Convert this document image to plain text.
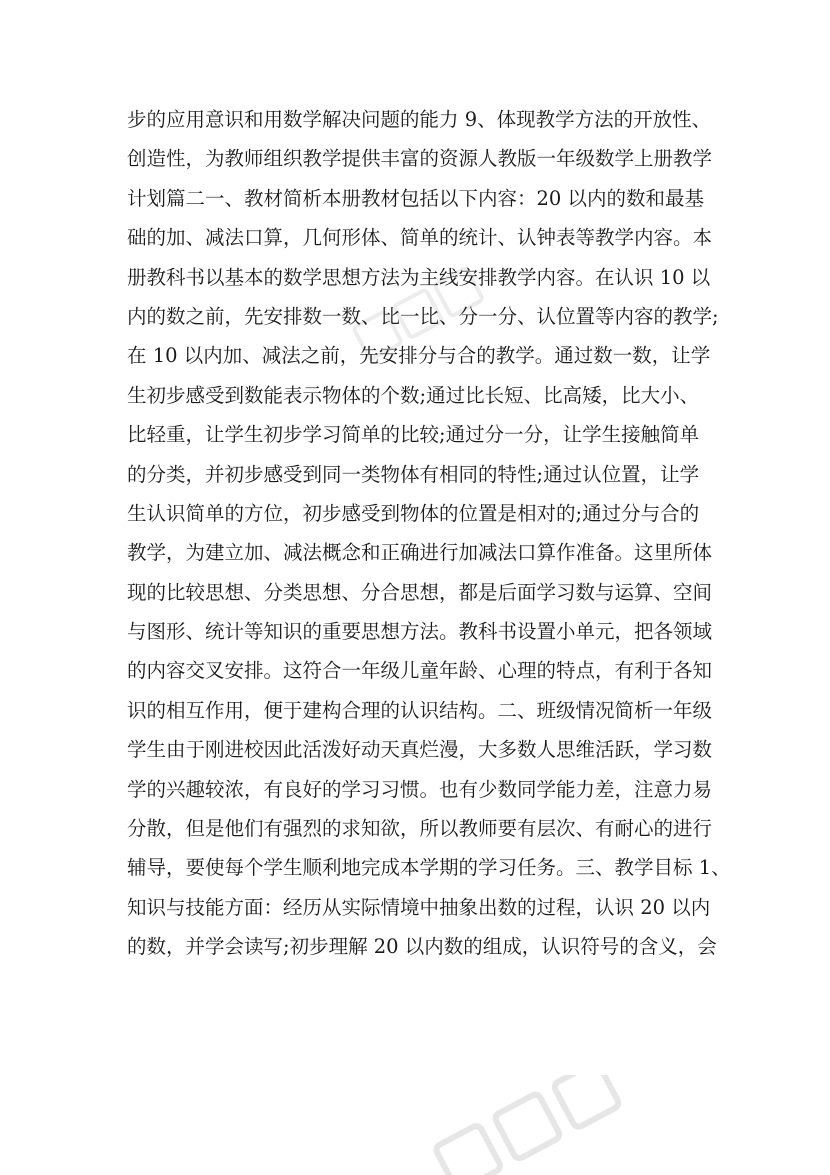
步的应用意识和用数学解决问题的能力 9、体现教学方法的开放性、
创造性，为教师组织教学提供丰富的资源人教版一年级数学上册教学
计划篇二一、教材简析本册教材包括以下内容：20 以内的数和最基
础的加、减法口算，几何形体、简单的统计、认钟表等教学内容。本
册教科书以基本的数学思想方法为主线安排教学内容。在认识 10 以
内的数之前，先安排数一数、比一比、分一分、认位置等内容的教学;
在 10 以内加、减法之前，先安排分与合的教学。通过数一数，让学
生初步感受到数能表示物体的个数;通过比长短、比高矮，比大小、
比轻重，让学生初步学习简单的比较;通过分一分，让学生接触简单
的分类，并初步感受到同一类物体有相同的特性;通过认位置，让学
生认识简单的方位，初步感受到物体的位置是相对的;通过分与合的
教学，为建立加、减法概念和正确进行加减法口算作准备。这里所体
现的比较思想、分类思想、分合思想，都是后面学习数与运算、空间
与图形、统计等知识的重要思想方法。教科书设置小单元，把各领域
的内容交叉安排。这符合一年级儿童年龄、心理的特点，有利于各知
识的相互作用，便于建构合理的认识结构。二、班级情况简析一年级
学生由于刚进校因此活泼好动天真烂漫，大多数人思维活跃，学习数
学的兴趣较浓，有良好的学习习惯。也有少数同学能力差，注意力易
分散，但是他们有强烈的求知欲，所以教师要有层次、有耐心的进行
辅导，要使每个学生顺利地完成本学期的学习任务。三、教学目标 1、
知识与技能方面：经历从实际情境中抽象出数的过程，认识 20 以内
的数，并学会读写;初步理解 20 以内数的组成，认识符号的含义，会
